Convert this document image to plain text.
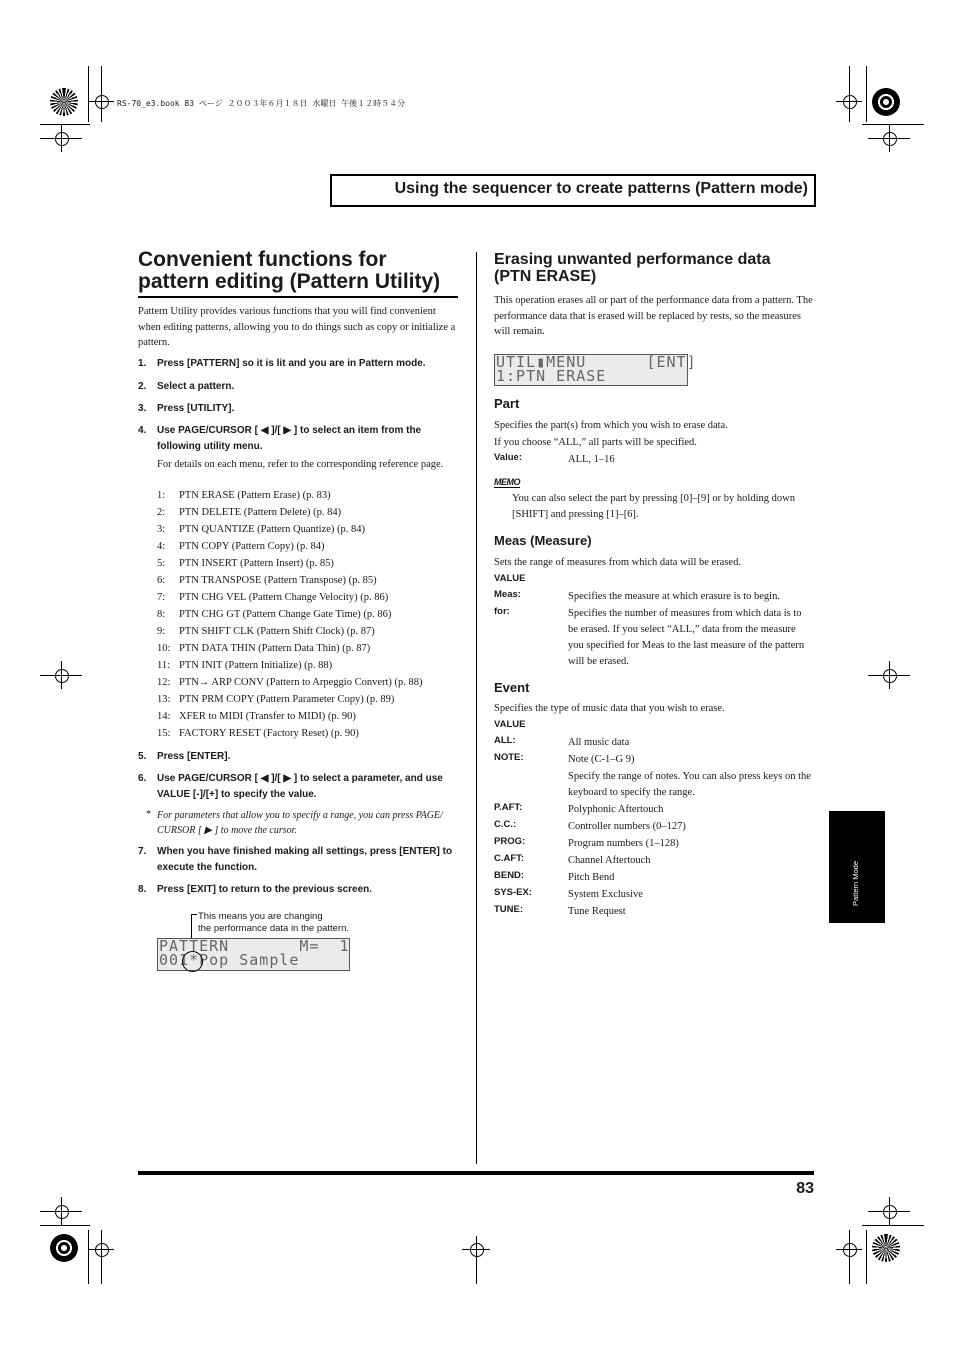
RS-70_e3.book 83 ページ ２００３年６月１８日 水曜日 午後１２時５４分
Using the sequencer to create patterns (Pattern mode)
Convenient functions for
pattern editing (Pattern Utility)
Pattern Utility provides various functions that you will find convenient when editing patterns, allowing you to do things such as copy or initialize a pattern.
1. Press [PATTERN] so it is lit and you are in Pattern mode.
2. Select a pattern.
3. Press [UTILITY].
4. Use PAGE/CURSOR [ ◀ ]/[ ▶ ] to select an item from the following utility menu.
For details on each menu, refer to the corresponding reference page.
1: PTN ERASE (Pattern Erase) (p. 83)
2: PTN DELETE (Pattern Delete) (p. 84)
3: PTN QUANTIZE (Pattern Quantize) (p. 84)
4: PTN COPY (Pattern Copy) (p. 84)
5: PTN INSERT (Pattern Insert) (p. 85)
6: PTN TRANSPOSE (Pattern Transpose) (p. 85)
7: PTN CHG VEL (Pattern Change Velocity) (p. 86)
8: PTN CHG GT (Pattern Change Gate Time) (p. 86)
9: PTN SHIFT CLK (Pattern Shift Clock) (p. 87)
10: PTN DATA THIN (Pattern Data Thin) (p. 87)
11: PTN INIT (Pattern Initialize) (p. 88)
12: PTN→ ARP CONV (Pattern to Arpeggio Convert) (p. 88)
13: PTN PRM COPY (Pattern Parameter Copy) (p. 89)
14: XFER to MIDI (Transfer to MIDI) (p. 90)
15: FACTORY RESET (Factory Reset) (p. 90)
5. Press [ENTER].
6. Use PAGE/CURSOR [ ◀ ]/[ ▶ ] to select a parameter, and use VALUE [-]/[+] to specify the value.
* For parameters that allow you to specify a range, you can press PAGE/ CURSOR [ ▶ ] to move the cursor.
7. When you have finished making all settings, press [ENTER] to execute the function.
8. Press [EXIT] to return to the previous screen.
This means you are changing
the performance data in the pattern.
PATTERN       M=  1
001*Pop Sample
Erasing unwanted performance data
(PTN ERASE)
This operation erases all or part of the performance data from a pattern. The performance data that is erased will be replaced by rests, so the measures will remain.
UTIL▮MENU      [ENT]
1:PTN ERASE
Part
Specifies the part(s) from which you wish to erase data.
If you choose “ALL,” all parts will be specified.
Value:	ALL, 1–16
MEMO
You can also select the part by pressing [0]–[9] or by holding down [SHIFT] and pressing [1]–[6].
Meas (Measure)
Sets the range of measures from which data will be erased.
VALUE
Meas:	Specifies the measure at which erasure is to begin.
for:	Specifies the number of measures from which data is to be erased. If you select “ALL,” data from the measure you specified for Meas to the last measure of the pattern will be erased.
Event
Specifies the type of music data that you wish to erase.
VALUE
ALL:	All music data
NOTE:	Note (C-1–G 9)
Specify the range of notes. You can also press keys on the keyboard to specify the range.
P.AFT:	Polyphonic Aftertouch
C.C.:	Controller numbers (0–127)
PROG:	Program numbers (1–128)
C.AFT:	Channel Aftertouch
BEND:	Pitch Bend
SYS-EX:	System Exclusive
TUNE:	Tune Request
Pattern Mode
83
